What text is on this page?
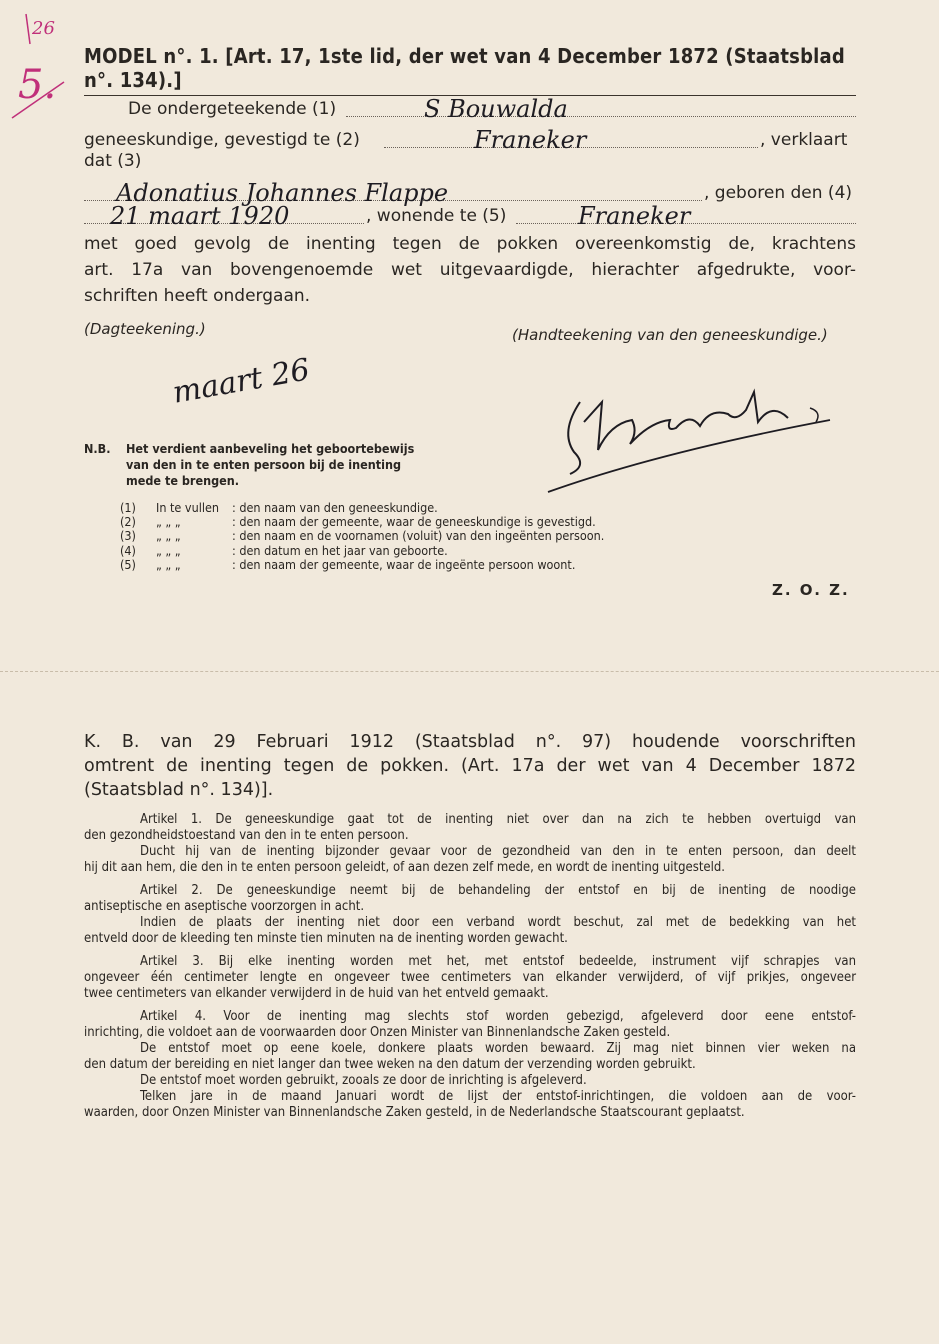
26
5.
MODEL n°. 1. [Art. 17, 1ste lid, der wet van 4 December 1872 (Staatsblad n°. 134).]
De ondergeteekende (1)	S Bouwalda
geneeskundige, gevestigd te (2)	Franeker	, verklaart
dat (3)
Adonatius Johannes Flappe	, geboren den (4)
21 maart 1920	, wonende te (5)	Franeker
met goed gevolg de inenting tegen de pokken overeenkomstig de, krachtens
art. 17a van bovengenoemde wet uitgevaardigde, hierachter afgedrukte, voor-
schriften heeft ondergaan.
(Dagteekening.)	(Handteekening van den geneeskundige.)
maart 26
N.B. Het verdient aanbeveling het geboortebewijs
van den in te enten persoon bij de inenting
mede te brengen.
(1) In te vullen : den naam van den geneeskundige.
(2) „ „ „	: den naam der gemeente, waar de geneeskundige is gevestigd.
(3) „ „ „	: den naam en de voornamen (voluit) van den ingeënten persoon.
(4) „ „ „	: den datum en het jaar van geboorte.
(5) „ „ „	: den naam der gemeente, waar de ingeënte persoon woont.
Z. O. Z.
K. B. van 29 Februari 1912 (Staatsblad n°. 97) houdende voorschriften
omtrent de inenting tegen de pokken. (Art. 17a der wet van 4 December 1872
(Staatsblad n°. 134)].
Artikel 1. De geneeskundige gaat tot de inenting niet over dan na zich te hebben overtuigd van
den gezondheidstoestand van den in te enten persoon.
Ducht hij van de inenting bijzonder gevaar voor de gezondheid van den in te enten persoon, dan deelt
hij dit aan hem, die den in te enten persoon geleidt, of aan dezen zelf mede, en wordt de inenting uitgesteld.
Artikel 2. De geneeskundige neemt bij de behandeling der entstof en bij de inenting de noodige
antiseptische en aseptische voorzorgen in acht.
Indien de plaats der inenting niet door een verband wordt beschut, zal met de bedekking van het
entveld door de kleeding ten minste tien minuten na de inenting worden gewacht.
Artikel 3. Bij elke inenting worden met het, met entstof bedeelde, instrument vijf schrapjes van
ongeveer één centimeter lengte en ongeveer twee centimeters van elkander verwijderd, of vijf prikjes, ongeveer
twee centimeters van elkander verwijderd in de huid van het entveld gemaakt.
Artikel 4. Voor de inenting mag slechts stof worden gebezigd, afgeleverd door eene entstof-
inrichting, die voldoet aan de voorwaarden door Onzen Minister van Binnenlandsche Zaken gesteld.
De entstof moet op eene koele, donkere plaats worden bewaard. Zij mag niet binnen vier weken na
den datum der bereiding en niet langer dan twee weken na den datum der verzending worden gebruikt.
De entstof moet worden gebruikt, zooals ze door de inrichting is afgeleverd.
Telken jare in de maand Januari wordt de lijst der entstof-inrichtingen, die voldoen aan de voor-
waarden, door Onzen Minister van Binnenlandsche Zaken gesteld, in de Nederlandsche Staatscourant geplaatst.
